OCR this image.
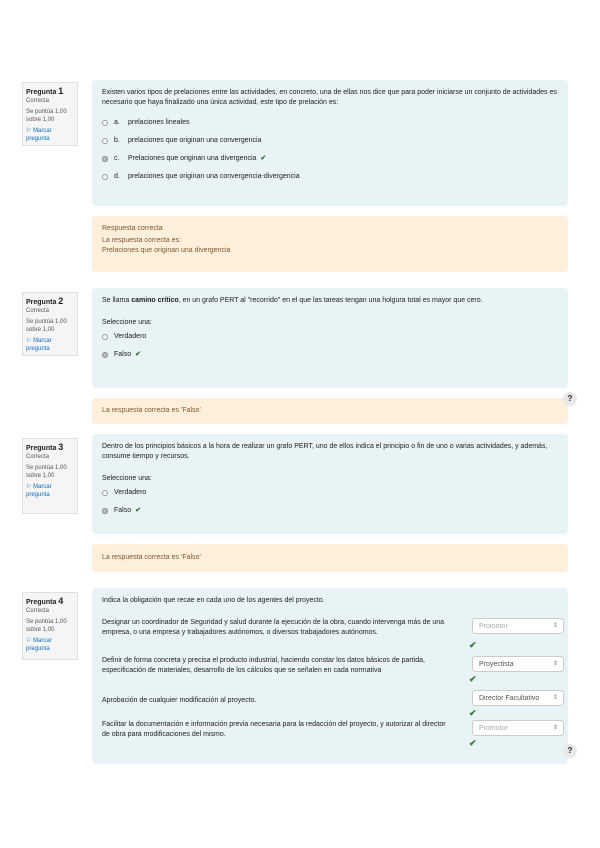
Pregunta 1
Correcta
Se puntúa 1,00 sobre 1,00
⚐ Marcar pregunta
Existen varios tipos de prelaciones entre las actividades, en concreto, una de ellas nos dice que para poder iniciarse un conjunto de actividades es necesario que haya finalizado una única actividad, este tipo de prelación es:
a.	prelaciones lineales
b.	prelaciones que originan una convergencia
c.	Prelaciones que originan una divergencia ✔
d.	prelaciones que originan una convergencia-divergencia
Respuesta correcta
La respuesta correcta es:
Prelaciones que originan una divergencia
Pregunta 2
Correcta
Se puntúa 1,00 sobre 1,00
⚐ Marcar pregunta
Se llama camino crítico, en un grafo PERT al "recorrido" en el que las tareas tengan una holgura total es mayor que cero.
Seleccione una:
Verdadero
Falso ✔
La respuesta correcta es 'Falso'
?
Pregunta 3
Correcta
Se puntúa 1,00 sobre 1,00
⚐ Marcar pregunta
Dentro de los principios básicos a la hora de realizar un grafo PERT, uno de ellos indica el principio o fin de uno o varias actividades, y además, consume tiempo y recursos.
Seleccione una:
Verdadero
Falso ✔
La respuesta correcta es 'Falso'
Pregunta 4
Correcta
Se puntúa 1,00 sobre 1,00
⚐ Marcar pregunta
Indica la obligación que recae en cada uno de los agentes del proyecto.
Designar un coordinador de Seguridad y salud durante la ejecución de la obra, cuando intervenga más de una empresa, o una empresa y trabajadores autónomos, o diversos trabajadores autónomos.
Promotor	⇕
✔
Definir de forma concreta y precisa el producto industrial, haciendo constar los datos básicos de partida, especificación de materiales, desarrollo de los cálculos que se señalen en cada normativa
Proyectista	⇕
✔
Aprobación de cualquier modificación al proyecto.	Director Facultativo ⇕
✔
Facilitar la documentación e información previa necesaria para la redacción del proyecto, y autorizar al director de obra para modificaciones del mismo.
Promotor	⇕
✔
?
